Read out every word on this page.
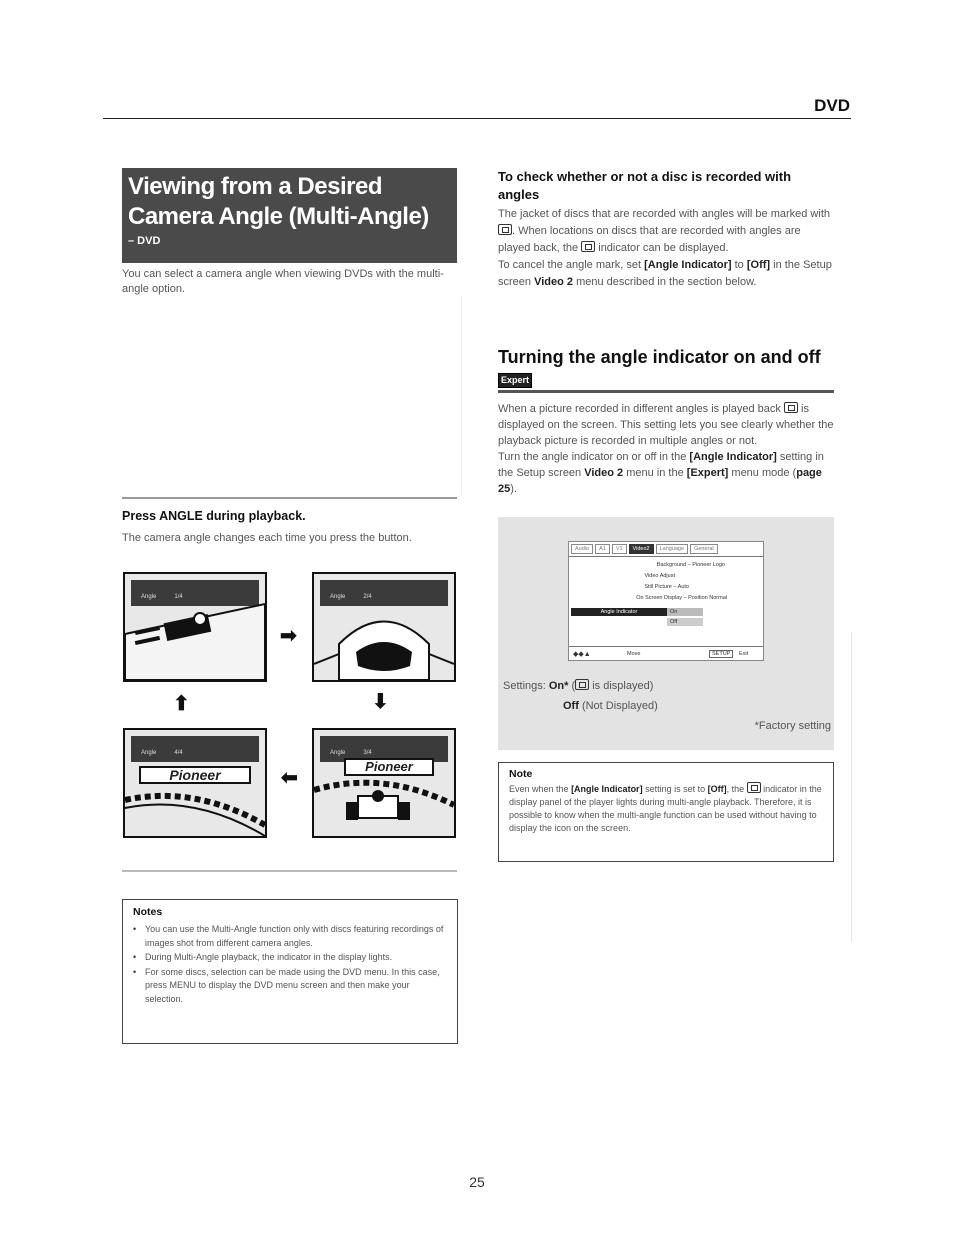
DVD
Viewing from a Desired Camera Angle (Multi-Angle)
– DVD
You can select a camera angle when viewing DVDs with the multi-angle option.
Press ANGLE during playback.
The camera angle changes each time you press the button.
Angle	1/4	Angle	2/4
➡
⬇
⬆
⬅
Angle	4/4
Pioneer
Angle	3/4
Pioneer
Notes
• You can use the Multi-Angle function only with discs featuring recordings of images shot from different camera angles.
• During Multi-Angle playback, the indicator in the display lights.
• For some discs, selection can be made using the DVD menu. In this case, press MENU to display the DVD menu screen and then make your selection.
To check whether or not a disc is recorded with angles
The jacket of discs that are recorded with angles will be marked with . When locations on discs that are recorded with angles are played back, the indicator can be displayed.
To cancel the angle mark, set [Angle Indicator] to [Off] in the Setup screen Video 2 menu described in the section below.
Turning the angle indicator on and off Expert
When a picture recorded in different angles is played back is displayed on the screen. This setting lets you see clearly whether the playback picture is recorded in multiple angles or not.
Turn the angle indicator on or off in the [Angle Indicator] setting in the Setup screen Video 2 menu in the [Expert] menu mode (page 25).
Audio	A1	V1	Video2	Language	General
Background – Pioneer Logo
Video Adjust
Still Picture – Auto
On Screen Display – Position Normal
Angle Indicator	On
Off
◆◆▲	Move	SETUP	Exit
Settings: On* ( is displayed)
Off (Not Displayed)
*Factory setting
Note

Even when the [Angle Indicator] setting is set to [Off], the indicator in the display panel of the player lights during multi-angle playback. Therefore, it is possible to know when the multi-angle function can be used without having to display the icon on the screen.

25
